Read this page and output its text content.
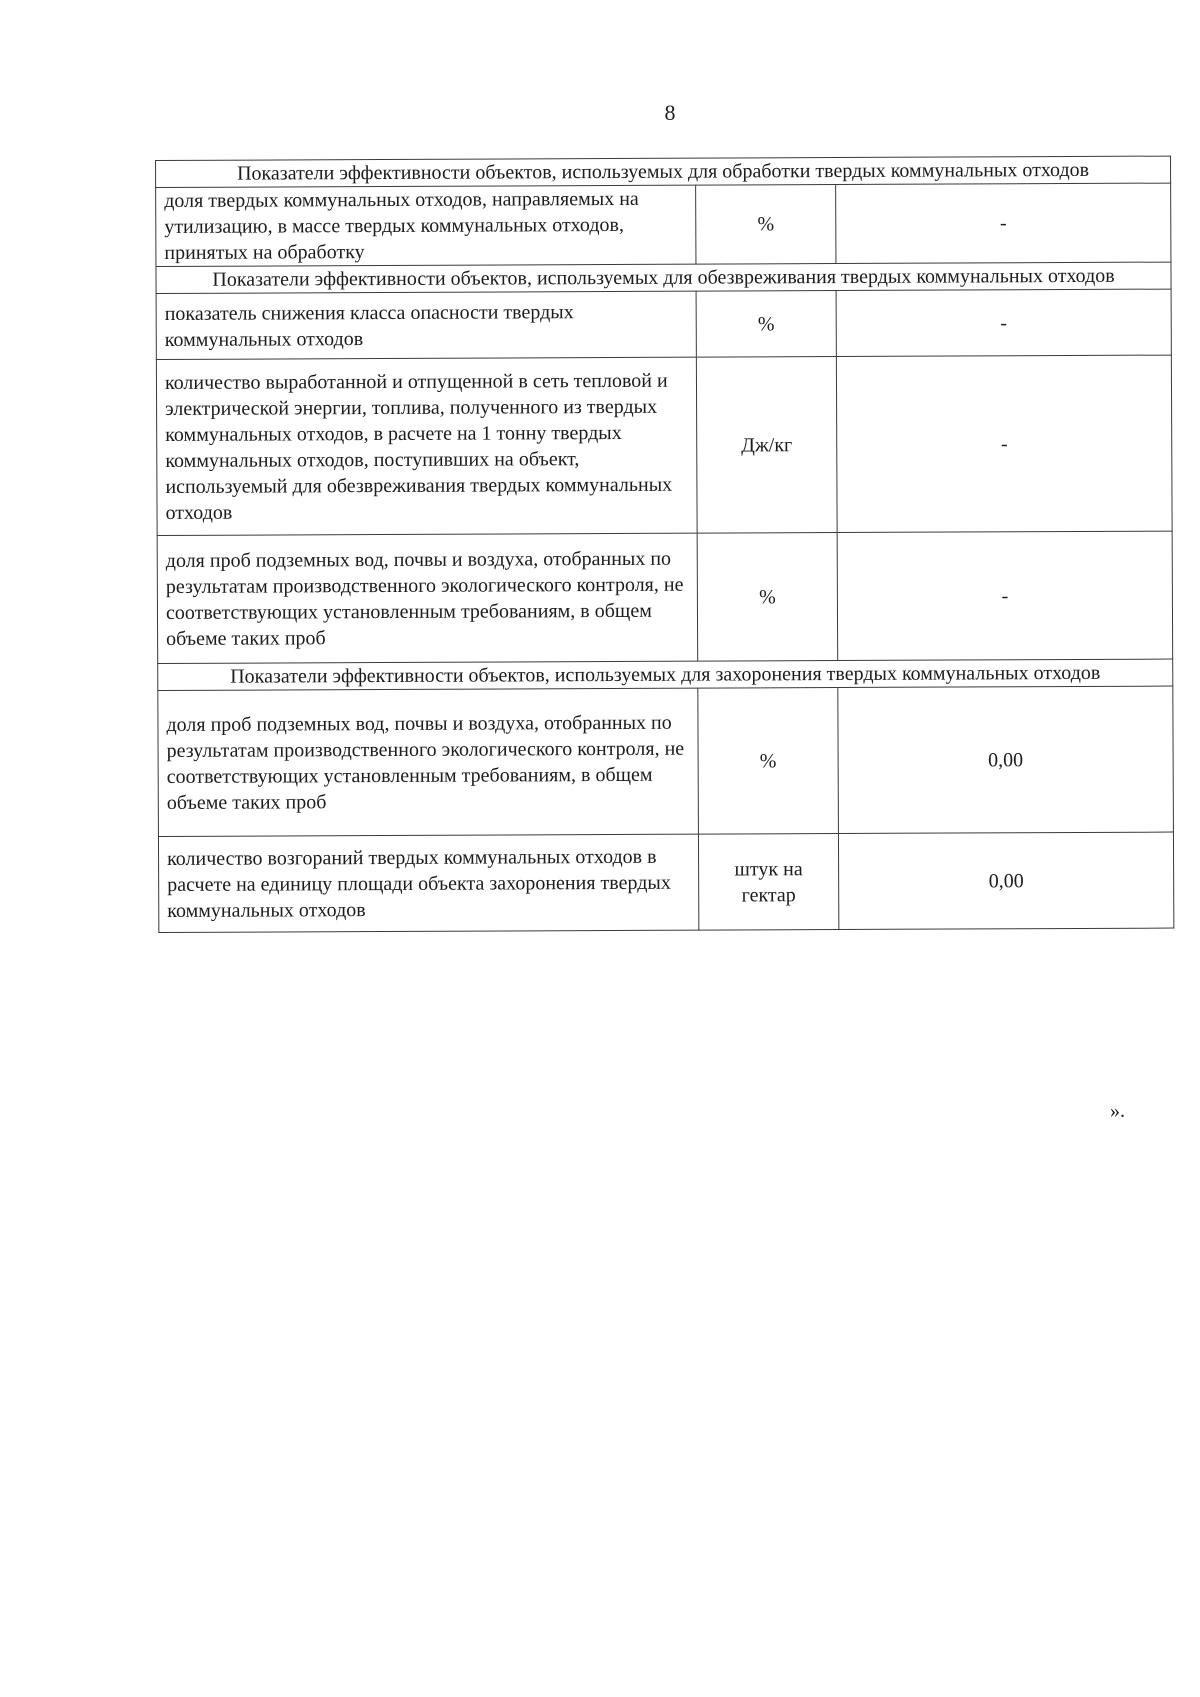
8
Показатели эффективности объектов, используемых для обработки твердых коммунальных отходов		
доля твердых коммунальных отходов, направляемых на утилизацию, в массе твердых коммунальных отходов, принятых на обработку	%	-
Показатели эффективности объектов, используемых для обезвреживания твердых коммунальных отходов		
показатель снижения класса опасности твердых коммунальных отходов	%	-
количество выработанной и отпущенной в сеть тепловой и электрической энергии, топлива, полученного из твердых коммунальных отходов, в расчете на 1 тонну твердых коммунальных отходов, поступивших на объект, используемый для обезвреживания твердых коммунальных отходов	Дж/кг	-
доля проб подземных вод, почвы и воздуха, отобранных по результатам производственного экологического контроля, не соответствующих установленным требованиям, в общем объеме таких проб	%	-
Показатели эффективности объектов, используемых для захоронения твердых коммунальных отходов		
доля проб подземных вод, почвы и воздуха, отобранных по результатам производственного экологического контроля, не соответствующих установленным требованиям, в общем объеме таких проб	%	0,00
количество возгораний твердых коммунальных отходов в расчете на единицу площади объекта захоронения твердых коммунальных отходов	штук на гектар	0,00
».
